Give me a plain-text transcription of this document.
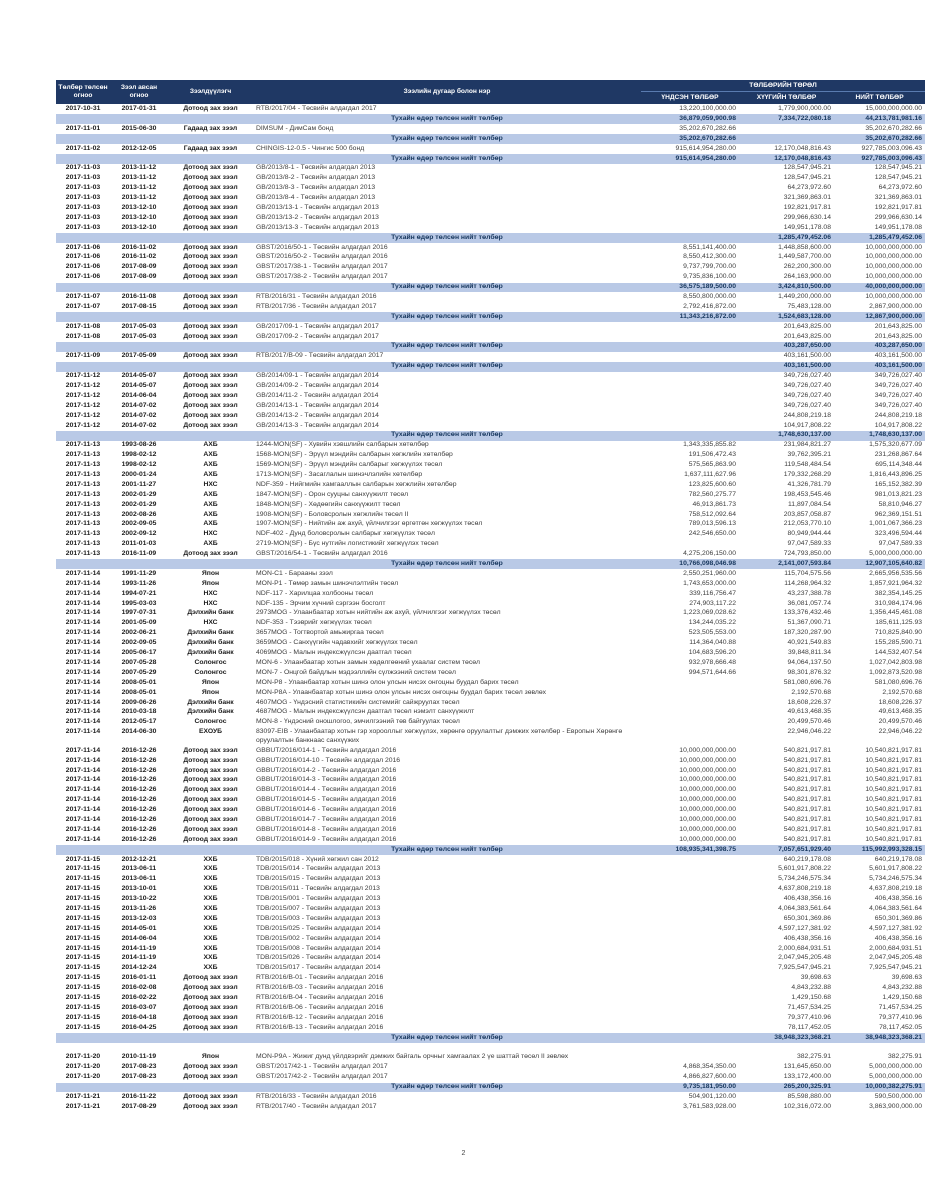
Төлбөр төлсөн огноо	Зээл авсан огноо	Зээлдүүлэгч	Зээлийн дугаар болон нэр	ТӨЛБӨРИЙН ТӨРӨЛ		
				ҮНДСЭН ТӨЛБӨР	ХҮҮГИЙН ТӨЛБӨР	НИЙТ ТӨЛБӨР
2017-10-31	2017-01-31	Дотоод зах зээл	RTB/2017/04 - Төсвийн алдагдал 2017	13,220,100,000.00	1,779,900,000.00	15,000,000,000.00
			Тухайн өдөр төлсөн нийт төлбөр	36,879,059,900.98	7,334,722,080.18	44,213,781,981.16
2017-11-01	2015-06-30	Гадаад зах зээл	DIMSUM - ДимСам бонд	35,202,670,282.66		35,202,670,282.66
			Тухайн өдөр төлсөн нийт төлбөр	35,202,670,282.66		35,202,670,282.66
2017-11-02	2012-12-05	Гадаад зах зээл	CHINGIS-12-0.5 - Чингис 500 бонд	915,614,954,280.00	12,170,048,816.43	927,785,003,096.43
			Тухайн өдөр төлсөн нийт төлбөр	915,614,954,280.00	12,170,048,816.43	927,785,003,096.43
2017-11-03	2013-11-12	Дотоод зах зээл	GB/2013/8-1 - Төсвийн алдагдал 2013		128,547,945.21	128,547,945.21
2017-11-03	2013-11-12	Дотоод зах зээл	GB/2013/8-2 - Төсвийн алдагдал 2013		128,547,945.21	128,547,945.21
2017-11-03	2013-11-12	Дотоод зах зээл	GB/2013/8-3 - Төсвийн алдагдал 2013		64,273,972.60	64,273,972.60
2017-11-03	2013-11-12	Дотоод зах зээл	GB/2013/8-4 - Төсвийн алдагдал 2013		321,369,863.01	321,369,863.01
2017-11-03	2013-12-10	Дотоод зах зээл	GB/2013/13-1 - Төсвийн алдагдал 2013		192,821,917.81	192,821,917.81
2017-11-03	2013-12-10	Дотоод зах зээл	GB/2013/13-2 - Төсвийн алдагдал 2013		299,966,630.14	299,966,630.14
2017-11-03	2013-12-10	Дотоод зах зээл	GB/2013/13-3 - Төсвийн алдагдал 2013		149,951,178.08	149,951,178.08
			Тухайн өдөр төлсөн нийт төлбөр		1,285,479,452.06	1,285,479,452.06
2017-11-06	2016-11-02	Дотоод зах зээл	GBST/2016/50-1 - Төсвийн алдагдал 2016	8,551,141,400.00	1,448,858,600.00	10,000,000,000.00
2017-11-06	2016-11-02	Дотоод зах зээл	GBST/2016/50-2 - Төсвийн алдагдал 2016	8,550,412,300.00	1,449,587,700.00	10,000,000,000.00
2017-11-06	2017-08-09	Дотоод зах зээл	GBST/2017/38-1 - Төсвийн алдагдал 2017	9,737,799,700.00	262,200,300.00	10,000,000,000.00
2017-11-06	2017-08-09	Дотоод зах зээл	GBST/2017/38-2 - Төсвийн алдагдал 2017	9,735,836,100.00	264,163,900.00	10,000,000,000.00
			Тухайн өдөр төлсөн нийт төлбөр	36,575,189,500.00	3,424,810,500.00	40,000,000,000.00
2017-11-07	2016-11-08	Дотоод зах зээл	RTB/2016/31 - Төсвийн алдагдал 2016	8,550,800,000.00	1,449,200,000.00	10,000,000,000.00
2017-11-07	2017-08-15	Дотоод зах зээл	RTB/2017/36 - Төсвийн алдагдал 2017	2,792,416,872.00	75,483,128.00	2,867,900,000.00
			Тухайн өдөр төлсөн нийт төлбөр	11,343,216,872.00	1,524,683,128.00	12,867,900,000.00
2017-11-08	2017-05-03	Дотоод зах зээл	GB/2017/09-1 - Төсвийн алдагдал 2017		201,643,825.00	201,643,825.00
2017-11-08	2017-05-03	Дотоод зах зээл	GB/2017/09-2 - Төсвийн алдагдал 2017		201,643,825.00	201,643,825.00
			Тухайн өдөр төлсөн нийт төлбөр		403,287,650.00	403,287,650.00
2017-11-09	2017-05-09	Дотоод зах зээл	RTB/2017/B-09 - Төсвийн алдагдал 2017		403,161,500.00	403,161,500.00
			Тухайн өдөр төлсөн нийт төлбөр		403,161,500.00	403,161,500.00
2017-11-12	2014-05-07	Дотоод зах зээл	GB/2014/09-1 - Төсвийн алдагдал 2014		349,726,027.40	349,726,027.40
2017-11-12	2014-05-07	Дотоод зах зээл	GB/2014/09-2 - Төсвийн алдагдал 2014		349,726,027.40	349,726,027.40
2017-11-12	2014-06-04	Дотоод зах зээл	GB/2014/11-2 - Төсвийн алдагдал 2014		349,726,027.40	349,726,027.40
2017-11-12	2014-07-02	Дотоод зах зээл	GB/2014/13-1 - Төсвийн алдагдал 2014		349,726,027.40	349,726,027.40
2017-11-12	2014-07-02	Дотоод зах зээл	GB/2014/13-2 - Төсвийн алдагдал 2014		244,808,219.18	244,808,219.18
2017-11-12	2014-07-02	Дотоод зах зээл	GB/2014/13-3 - Төсвийн алдагдал 2014		104,917,808.22	104,917,808.22
			Тухайн өдөр төлсөн нийт төлбөр		1,748,630,137.00	1,748,630,137.00
2017-11-13	1993-08-26	АХБ	1244-MON(SF) - Хувийн хэвшлийн салбарын хөтөлбөр	1,343,335,855.82	231,984,821.27	1,575,320,677.09
2017-11-13	1998-02-12	АХБ	1568-MON(SF) - Эрүүл мэндийн салбарын хөгжлийн хөтөлбөр	191,506,472.43	39,762,395.21	231,268,867.64
2017-11-13	1998-02-12	АХБ	1569-MON(SF) - Эрүүл мэндийн салбарыг хөгжүүлэх төсөл	575,565,863.90	119,548,484.54	695,114,348.44
2017-11-13	2000-01-24	АХБ	1713-MON(SF) - Засаглалын шинэчлэлийн хөтөлбөр	1,637,111,627.96	179,332,268.29	1,816,443,896.25
2017-11-13	2001-11-27	НХС	NDF-359 - Нийгмийн хамгааллын салбарын хөгжлийн хөтөлбөр	123,825,600.60	41,326,781.79	165,152,382.39
2017-11-13	2002-01-29	АХБ	1847-MON(SF) - Орон сууцны санхүүжилт төсөл	782,560,275.77	198,453,545.46	981,013,821.23
2017-11-13	2002-01-29	АХБ	1848-MON(SF) - Хөдөөгийн санхүүжилт төсөл	46,913,861.73	11,897,084.54	58,810,946.27
2017-11-13	2002-08-26	АХБ	1908-MON(SF) - Боловсролын хөгжлийн төсөл II	758,512,092.64	203,857,058.87	962,369,151.51
2017-11-13	2002-09-05	АХБ	1907-MON(SF) - Нийтийн аж ахуй, үйлчилгээг өргөтгөн хөгжүүлэх төсөл	789,013,596.13	212,053,770.10	1,001,067,366.23
2017-11-13	2002-09-12	НХС	NDF-402 - Дунд боловсролын салбарыг хөгжүүлэх төсөл	242,546,650.00	80,949,944.44	323,496,594.44
2017-11-13	2011-01-03	АХБ	2719-MON(SF) - Бүс нутгийн логистикийг хөгжүүлэх төсөл		97,047,589.33	97,047,589.33
2017-11-13	2016-11-09	Дотоод зах зээл	GBST/2016/54-1 - Төсвийн алдагдал 2016	4,275,206,150.00	724,793,850.00	5,000,000,000.00
			Тухайн өдөр төлсөн нийт төлбөр	10,766,098,046.98	2,141,007,593.84	12,907,105,640.82
2017-11-14	1991-11-29	Япон	MON-C1 - Барааны зээл	2,550,251,960.00	115,704,575.56	2,665,956,535.56
2017-11-14	1993-11-26	Япон	MON-P1 - Төмөр замын шинэчлэлтийн төсөл	1,743,653,000.00	114,268,964.32	1,857,921,964.32
2017-11-14	1994-07-21	НХС	NDF-117 - Харилцаа холбооны төсөл	339,116,756.47	43,237,388.78	382,354,145.25
2017-11-14	1995-03-03	НХС	NDF-135 - Эрчим хүчний сэргээн босголт	274,903,117.22	36,081,057.74	310,984,174.96
2017-11-14	1997-07-31	Дэлхийн банк	2973MOG - Улаанбаатар хотын нийтийн аж ахуй, үйлчилгээг хөгжүүлэх төсөл	1,223,069,028.62	133,376,432.46	1,356,445,461.08
2017-11-14	2001-05-09	НХС	NDF-353 - Тээврийг хөгжүүлэх төсөл	134,244,035.22	51,367,090.71	185,611,125.93
2017-11-14	2002-06-21	Дэлхийн банк	3657MOG - Тогтвортой амьжиргаа төсөл	523,505,553.00	187,320,287.90	710,825,840.90
2017-11-14	2002-09-05	Дэлхийн банк	3659MOG - Санхүүгийн чадавхийг хөгжүүлэх төсөл	114,364,040.88	40,921,549.83	155,285,590.71
2017-11-14	2005-06-17	Дэлхийн банк	4069MOG - Малын индексжүүлсэн даатгал төсөл	104,683,596.20	39,848,811.34	144,532,407.54
2017-11-14	2007-05-28	Солонгос	MON-6 - Улаанбаатар хотын замын хөдөлгөөний ухаалаг систем төсөл	932,978,666.48	94,064,137.50	1,027,042,803.98
2017-11-14	2007-05-29	Солонгос	MON-7 - Онцгой байдлын мэдээллийн сүлжээний систем төсөл	994,571,644.66	98,301,876.32	1,092,873,520.98
2017-11-14	2008-05-01	Япон	MON-P8 - Улаанбаатар хотын шинэ олон улсын нисэх онгоцны буудал барих төсөл		581,080,696.76	581,080,696.76
2017-11-14	2008-05-01	Япон	MON-P8A - Улаанбаатар хотын шинэ олон улсын нисэх онгоцны буудал барих төсөл зөвлөх		2,192,570.68	2,192,570.68
2017-11-14	2009-06-26	Дэлхийн банк	4607MOG - Үндэсний статистикийн системийг сайжруулах төсөл		18,608,226.37	18,608,226.37
2017-11-14	2010-03-18	Дэлхийн банк	4687MOG - Малын индексжүүлсэн даатгал төсөл нэмэлт санхүүжилт		49,613,468.35	49,613,468.35
2017-11-14	2012-05-17	Солонгос	MON-8 - Үндэсний оношлогоо, эмчилгээний төв байгуулах төсөл		20,499,570.46	20,499,570.46
2017-11-14	2014-06-30	ЕХОУБ	83097-EIB - Улаанбаатар хотын гэр хорооллыг хөгжүүлэх, хөрөнгө оруулалтыг дэмжих хөтөлбөр - Европын Хөрөнгө оруулалтын банкнаас санхүүжих		22,946,046.22	22,946,046.22
2017-11-14	2016-12-26	Дотоод зах зээл	GBBUT/2016/014-1 - Төсвийн алдагдал 2016	10,000,000,000.00	540,821,917.81	10,540,821,917.81
2017-11-14	2016-12-26	Дотоод зах зээл	GBBUT/2016/014-10 - Төсвийн алдагдал 2016	10,000,000,000.00	540,821,917.81	10,540,821,917.81
2017-11-14	2016-12-26	Дотоод зах зээл	GBBUT/2016/014-2 - Төсвийн алдагдал 2016	10,000,000,000.00	540,821,917.81	10,540,821,917.81
2017-11-14	2016-12-26	Дотоод зах зээл	GBBUT/2016/014-3 - Төсвийн алдагдал 2016	10,000,000,000.00	540,821,917.81	10,540,821,917.81
2017-11-14	2016-12-26	Дотоод зах зээл	GBBUT/2016/014-4 - Төсвийн алдагдал 2016	10,000,000,000.00	540,821,917.81	10,540,821,917.81
2017-11-14	2016-12-26	Дотоод зах зээл	GBBUT/2016/014-5 - Төсвийн алдагдал 2016	10,000,000,000.00	540,821,917.81	10,540,821,917.81
2017-11-14	2016-12-26	Дотоод зах зээл	GBBUT/2016/014-6 - Төсвийн алдагдал 2016	10,000,000,000.00	540,821,917.81	10,540,821,917.81
2017-11-14	2016-12-26	Дотоод зах зээл	GBBUT/2016/014-7 - Төсвийн алдагдал 2016	10,000,000,000.00	540,821,917.81	10,540,821,917.81
2017-11-14	2016-12-26	Дотоод зах зээл	GBBUT/2016/014-8 - Төсвийн алдагдал 2016	10,000,000,000.00	540,821,917.81	10,540,821,917.81
2017-11-14	2016-12-26	Дотоод зах зээл	GBBUT/2016/014-9 - Төсвийн алдагдал 2016	10,000,000,000.00	540,821,917.81	10,540,821,917.81
			Тухайн өдөр төлсөн нийт төлбөр	108,935,341,398.75	7,057,651,929.40	115,992,993,328.15
2017-11-15	2012-12-21	ХХБ	TDB/2015/018 - Хүний хөгжил сан 2012		640,219,178.08	640,219,178.08
2017-11-15	2013-06-11	ХХБ	TDB/2015/014 - Төсвийн алдагдал 2013		5,601,917,808.22	5,601,917,808.22
2017-11-15	2013-06-11	ХХБ	TDB/2015/015 - Төсвийн алдагдал 2013		5,734,246,575.34	5,734,246,575.34
2017-11-15	2013-10-01	ХХБ	TDB/2015/011 - Төсвийн алдагдал 2013		4,637,808,219.18	4,637,808,219.18
2017-11-15	2013-10-22	ХХБ	TDB/2015/001 - Төсвийн алдагдал 2013		406,438,356.16	406,438,356.16
2017-11-15	2013-11-26	ХХБ	TDB/2015/007 - Төсвийн алдагдал 2013		4,064,383,561.64	4,064,383,561.64
2017-11-15	2013-12-03	ХХБ	TDB/2015/003 - Төсвийн алдагдал 2013		650,301,369.86	650,301,369.86
2017-11-15	2014-05-01	ХХБ	TDB/2015/025 - Төсвийн алдагдал 2014		4,597,127,381.92	4,597,127,381.92
2017-11-15	2014-06-04	ХХБ	TDB/2015/002 - Төсвийн алдагдал 2014		406,438,356.16	406,438,356.16
2017-11-15	2014-11-19	ХХБ	TDB/2015/008 - Төсвийн алдагдал 2014		2,000,684,931.51	2,000,684,931.51
2017-11-15	2014-11-19	ХХБ	TDB/2015/026 - Төсвийн алдагдал 2014		2,047,945,205.48	2,047,945,205.48
2017-11-15	2014-12-24	ХХБ	TDB/2015/017 - Төсвийн алдагдал 2014		7,925,547,945.21	7,925,547,945.21
2017-11-15	2016-01-11	Дотоод зах зээл	RTB/2016/B-01 - Төсвийн алдагдал 2016		39,698.63	39,698.63
2017-11-15	2016-02-08	Дотоод зах зээл	RTB/2016/B-03 - Төсвийн алдагдал 2016		4,843,232.88	4,843,232.88
2017-11-15	2016-02-22	Дотоод зах зээл	RTB/2016/B-04 - Төсвийн алдагдал 2016		1,429,150.68	1,429,150.68
2017-11-15	2016-03-07	Дотоод зах зээл	RTB/2016/B-06 - Төсвийн алдагдал 2016		71,457,534.25	71,457,534.25
2017-11-15	2016-04-18	Дотоод зах зээл	RTB/2016/B-12 - Төсвийн алдагдал 2016		79,377,410.96	79,377,410.96
2017-11-15	2016-04-25	Дотоод зах зээл	RTB/2016/B-13 - Төсвийн алдагдал 2016		78,117,452.05	78,117,452.05
			Тухайн өдөр төлсөн нийт төлбөр		38,948,323,368.21	38,948,323,368.21

2017-11-20	2010-11-19	Япон	MON-P9A - Жижиг дунд үйлдвэрийг дэмжих байгаль орчныг хамгаалах 2 үе шаттай төсөл II зөвлөх		382,275.91	382,275.91
2017-11-20	2017-08-23	Дотоод зах зээл	GBST/2017/42-1 - Төсвийн алдагдал 2017	4,868,354,350.00	131,645,650.00	5,000,000,000.00
2017-11-20	2017-08-23	Дотоод зах зээл	GBST/2017/42-2 - Төсвийн алдагдал 2017	4,866,827,600.00	133,172,400.00	5,000,000,000.00
			Тухайн өдөр төлсөн нийт төлбөр	9,735,181,950.00	265,200,325.91	10,000,382,275.91
2017-11-21	2016-11-22	Дотоод зах зээл	RTB/2016/33 - Төсвийн алдагдал 2016	504,901,120.00	85,598,880.00	590,500,000.00
2017-11-21	2017-08-29	Дотоод зах зээл	RTB/2017/40 - Төсвийн алдагдал 2017	3,761,583,928.00	102,316,072.00	3,863,900,000.00
2
